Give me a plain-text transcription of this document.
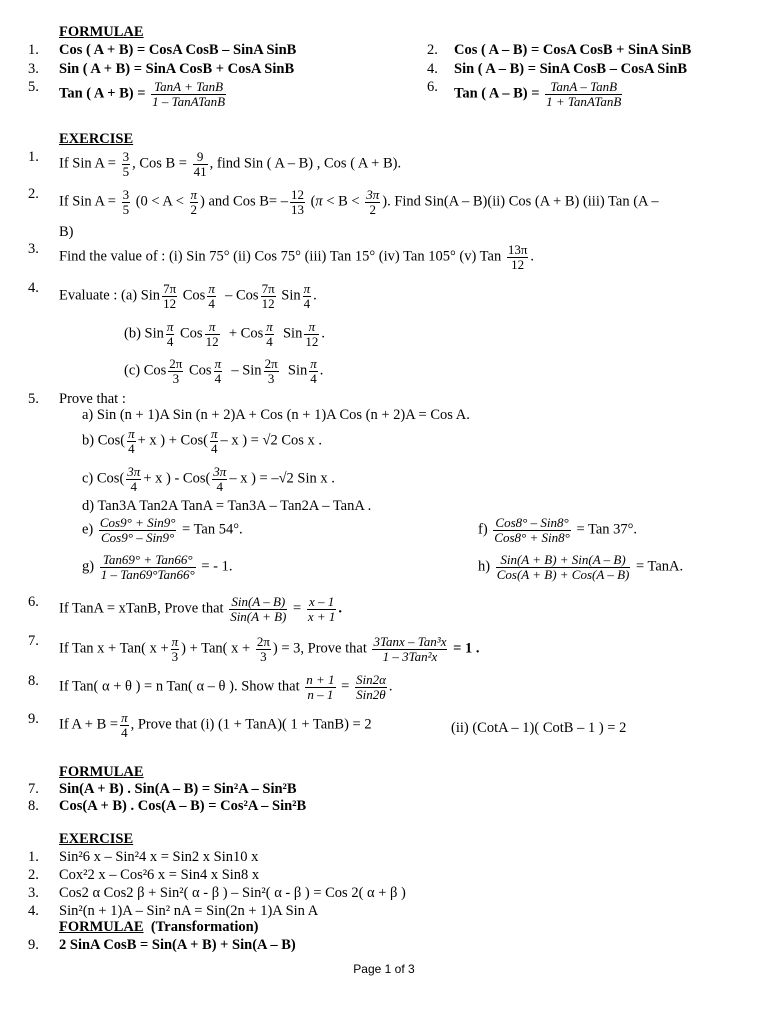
FORMULAE
1. Cos ( A + B) = CosA CosB – SinA SinB	2. Cos ( A – B) = CosA CosB + SinA SinB
3. Sin ( A + B) = SinA CosB + CosA SinB	4. Sin ( A – B) = SinA CosB – CosA SinB
5. Tan ( $A + B) = \frac{\text{TanA + TanB}}{\text{1 – TanATanB}}$	6. Tan ( $A - B) = \frac{\text{TanA – TanB}}{\text{1 + TanATanB}}$
EXERCISE
1. If Sin $A = \frac{3}{5}$ , Cos $B = \frac{9}{41}$ , find Sin ( A – B) , Cos ( A + B).
2. If Sin $A = \frac{3}{5} (0 < A < \frac{\pi}{2}$ ) and Cos $B= - \frac{12}{13} (\pi < B < \frac{3\pi}{2}$ ). Find Sin(A – B)(ii) Cos (A + B) (iii) Tan (A –
B)
3. Find the value of : (i) Sin 75° (ii) Cos 75° (iii) Tan 15° (iv) Tan 105° (v) Tan $\frac{13\pi}{12}$ .
4. Evaluate : (a) Sin $\frac{7\pi}{12}$ Cos $\frac{\pi}{4}$ – Cos $\frac{7\pi}{12}$ Sin $\frac{\pi}{4}$ .
(b) Sin $\frac{\pi}{4}$ Cos $\frac{\pi}{12}$ + Cos $\frac{\pi}{4}$ Sin $\frac{\pi}{12}$ .
(c) Cos $\frac{2\pi}{3}$ Cos $\frac{\pi}{4}$ – Sin $\frac{2\pi}{3}$ Sin $\frac{\pi}{4}$ .
5. Prove that :
a) Sin (n + 1)A Sin (n + 2)A + Cos (n + 1)A Cos (n + 2)A = Cos A.
b) $Cos( \frac{\pi}{4} + x$ ) + $Cos( \frac{\pi}{4}$ – x ) = √2 Cos x .
c) $Cos( \frac{3\pi}{4} + x$ ) - $Cos( \frac{3\pi}{4}$ – x ) = –√2 Sin x .
d) Tan3A Tan2A TanA = Tan3A – Tan2A – TanA .
$e) \frac{\text{Cos9° + Sin9°}}{\text{Cos9° – Sin9°}}$ = Tan 54°.	$f) \frac{\text{Cos8° – Sin8°}}{\text{Cos8° + Sin8°}}$ = Tan 37°.
$g) \frac{\text{Tan69° + Tan66°}}{\text{1 – Tan69°Tan66°}}$ = - 1.	$h) \frac{\text{Sin(A + B) + Sin(A – B)}}{\text{Cos(A + B) + Cos(A – B)}}$ = TanA.
6. If TanA = xTanB, Prove that $\frac{\text{Sin(A – B)}}{\text{Sin(A + B)}} = \frac{x - 1}{x + 1}$ .
7. If Tan x + Tan( $x + \frac{\pi}{3}$ ) + Tan( $x + \frac{2\pi}{3}$ ) = 3, Prove that $\frac{\text{3Tanx – Tan³x}}{\text{1 – 3Tan²x}} = 1$ .
8. If Tan( α + θ ) = n Tan( α – θ ). Show that $\frac{n + 1}{n - 1} = \frac{\text{Sin2α}}{\text{Sin2θ}}$ .
9. If $A + B = \frac{\pi}{4}$ , Prove that (i) (1 + TanA)( 1 + TanB) = 2	(ii) (CotA – 1)( CotB – 1 ) = 2
FORMULAE
7. Sin(A + B) . Sin(A – B) = Sin²A – Sin²B
8. Cos(A + B) . Cos(A – B) = Cos²A – Sin²B
EXERCISE
1. Sin²6 x – Sin²4 x = Sin2 x Sin10 x
2. Cox²2 x – Cos²6 x = Sin4 x Sin8 x
3. Cos2 α Cos2 β + Sin²( α - β ) – Sin²( α - β ) = Cos 2( α + β )
4. Sin²(n + 1)A – Sin² nA = Sin(2n + 1)A Sin A
FORMULAE (Transformation)
9. 2 SinA CosB = Sin(A + B) + Sin(A – B)
Page 1 of 3
